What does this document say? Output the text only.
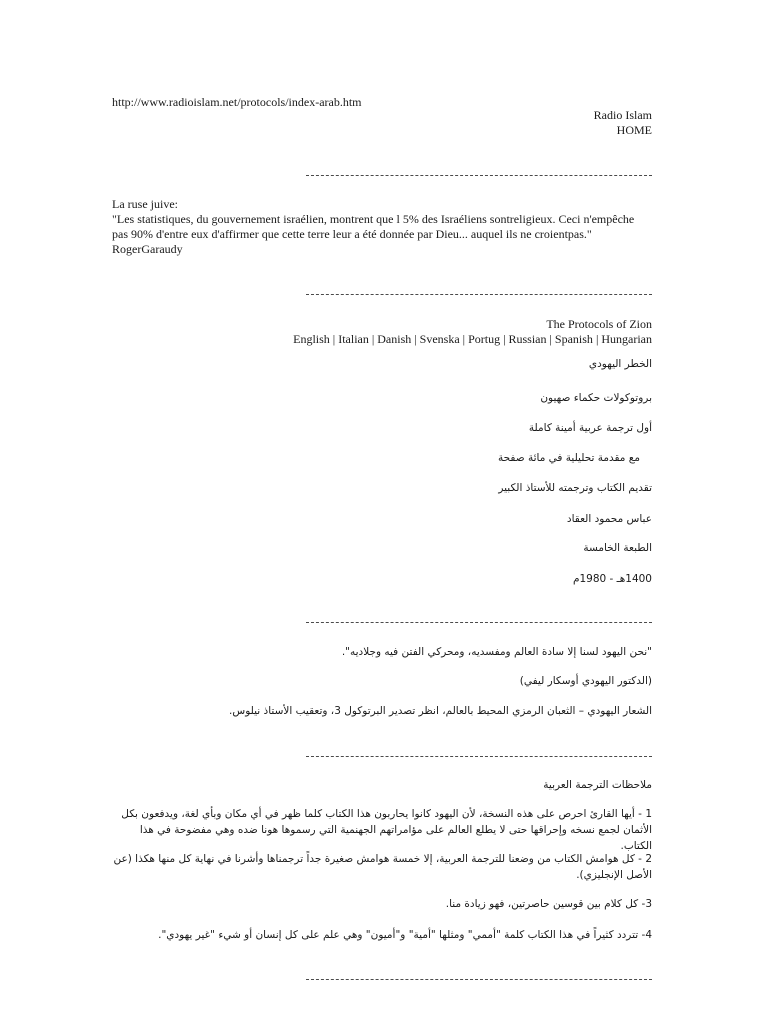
http://www.radioislam.net/protocols/index-arab.htm
Radio Islam
HOME
La ruse juive:
"Les statistiques, du gouvernement israélien, montrent que l 5% des Israéliens sontreligieux. Ceci n'empêche pas 90% d'entre eux d'affirmer que cette terre leur a été donnée par Dieu... auquel ils ne croientpas." RogerGaraudy
The Protocols of Zion
English | Italian | Danish | Svenska | Portug | Russian | Spanish | Hungarian
الخطر اليهودي
بروتوكولات حكماء صهيون
أول ترجمة عربية أمينة كاملة
مع مقدمة تحليلية في مائة صفحة
تقديم الكتاب وترجمته للأستاذ الكبير
عباس محمود العقاد
الطبعة الخامسة
1400هـ - 1980م
"نحن اليهود لسنا إلا سادة العالم ومفسديه، ومحركي الفتن فيه وجلاديه".
(الدكتور اليهودي أوسكار ليفي)
الشعار اليهودي – الثعبان الرمزي المحيط بالعالم، انظر تصدير البرتوكول 3، وتعقيب الأستاذ نيلوس.
ملاحظات الترجمة العربية
1 - أيها القارئ احرص على هذه النسخة، لأن اليهود كانوا يحاربون هذا الكتاب كلما ظهر في أي مكان وبأي لغة، ويدفعون بكل الأثمان لجمع نسخه وإحراقها حتى لا يطلع العالم على مؤامراتهم الجهنمية التي رسموها هونا ضده وهي مفضوحة في هذا الكتاب.
2 - كل هوامش الكتاب من وضعنا للترجمة العربية، إلا خمسة هوامش صغيرة جداً ترجمناها وأشرنا في نهاية كل منها هكذا (عن الأصل الإنجليزي).
3- كل كلام بين قوسين حاصرتين، فهو زيادة منا.
4- تتردد كثيراً في هذا الكتاب كلمة "أممي" ومثلها "أمية" و"أميون" وهي علم على كل إنسان أو شيء "غير يهودي".
